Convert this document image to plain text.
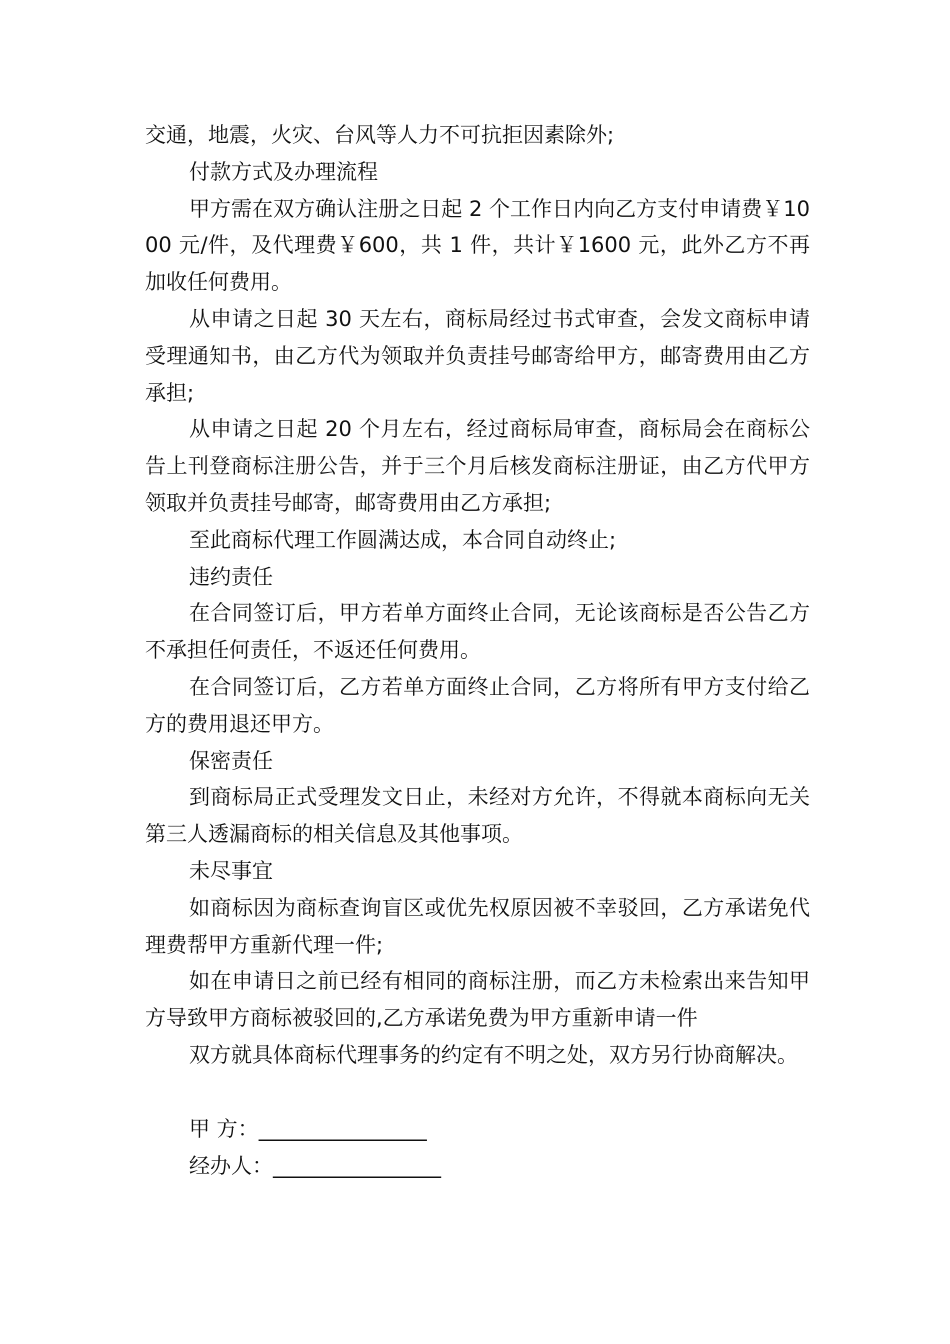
交通，地震，火灾、台风等人力不可抗拒因素除外;

付款方式及办理流程

甲方需在双方确认注册之日起 2 个工作日内向乙方支付申请费￥1000 元/件，及代理费￥600，共 1 件，共计￥1600 元，此外乙方不再加收任何费用。

从申请之日起 30 天左右，商标局经过书式审查，会发文商标申请受理通知书，由乙方代为领取并负责挂号邮寄给甲方，邮寄费用由乙方承担;

从申请之日起 20 个月左右，经过商标局审查，商标局会在商标公告上刊登商标注册公告，并于三个月后核发商标注册证，由乙方代甲方领取并负责挂号邮寄，邮寄费用由乙方承担;

至此商标代理工作圆满达成，本合同自动终止;

违约责任

在合同签订后，甲方若单方面终止合同，无论该商标是否公告乙方不承担任何责任，不返还任何费用。

在合同签订后，乙方若单方面终止合同，乙方将所有甲方支付给乙方的费用退还甲方。

保密责任

到商标局正式受理发文日止，未经对方允许，不得就本商标向无关第三人透漏商标的相关信息及其他事项。

未尽事宜

如商标因为商标查询盲区或优先权原因被不幸驳回，乙方承诺免代理费帮甲方重新代理一件;

如在申请日之前已经有相同的商标注册，而乙方未检索出来告知甲方导致甲方商标被驳回的,乙方承诺免费为甲方重新申请一件

双方就具体商标代理事务的约定有不明之处，双方另行协商解决。

甲 方：________________
经办人：________________
